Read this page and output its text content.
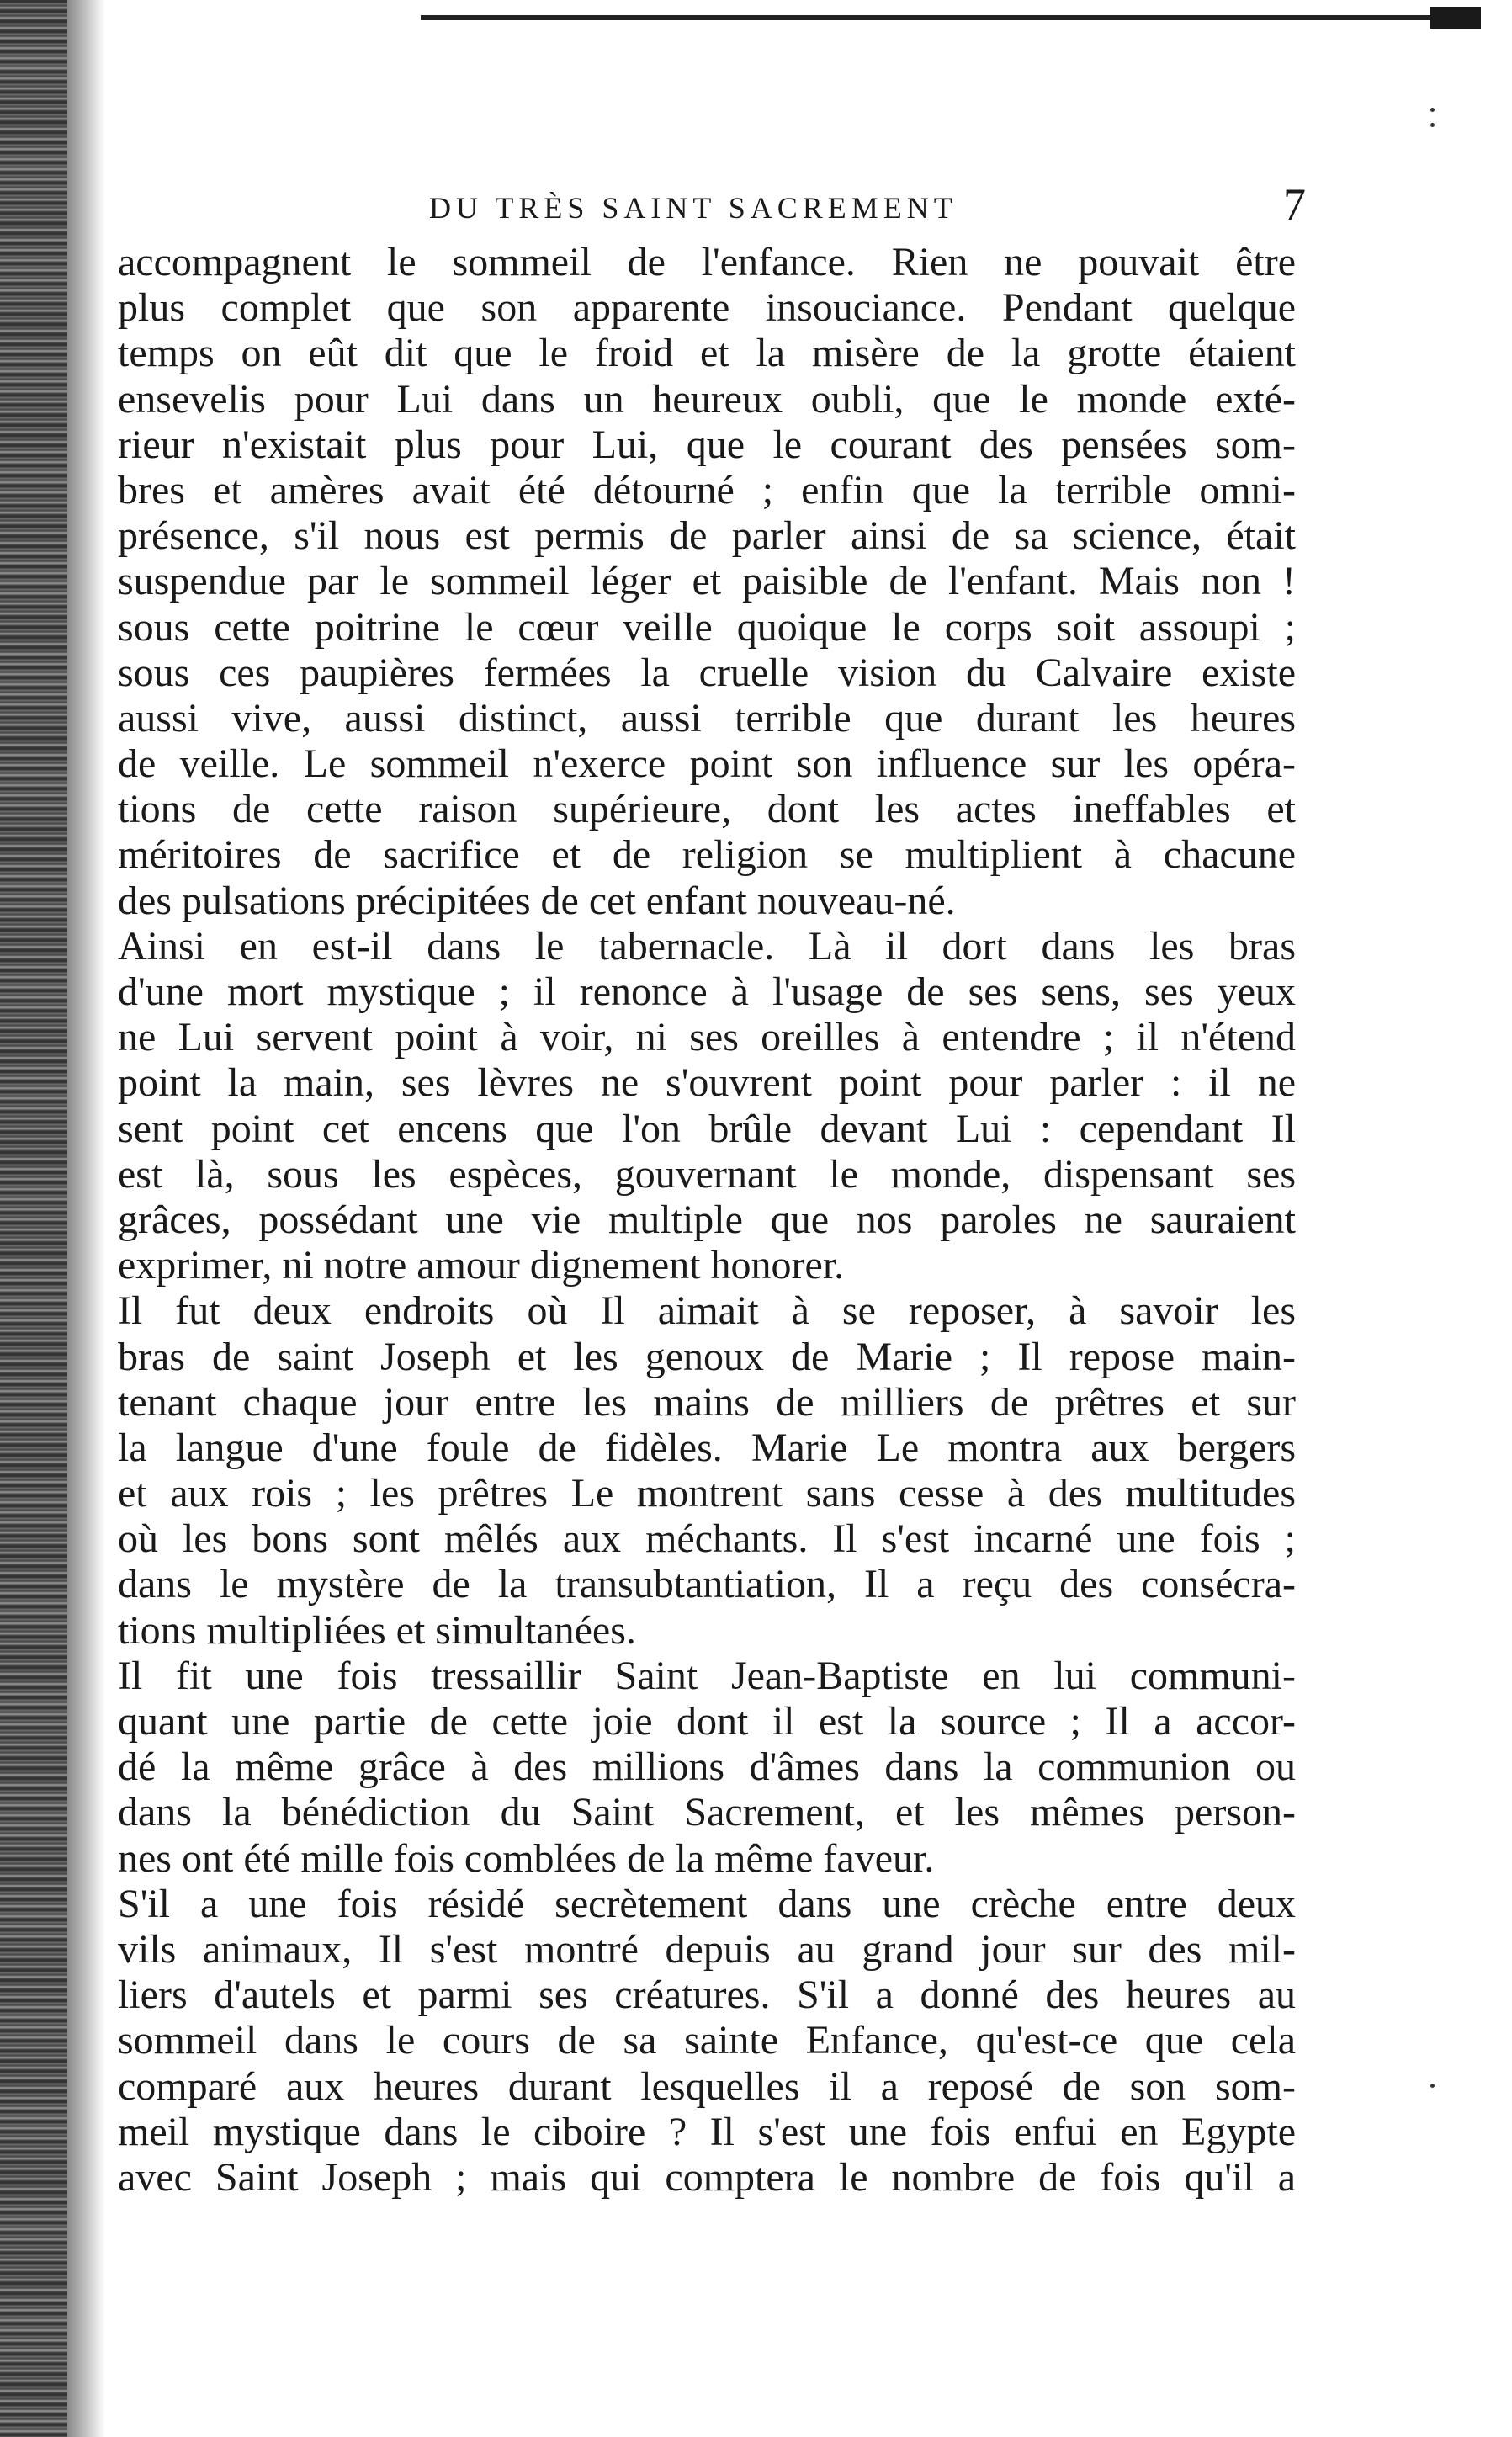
DU TRÈS SAINT SACREMENT	7
accompagnent le sommeil de l'enfance. Rien ne pouvait être
plus complet que son apparente insouciance. Pendant quelque
temps on eût dit que le froid et la misère de la grotte étaient
ensevelis pour Lui dans un heureux oubli, que le monde exté-
rieur n'existait plus pour Lui, que le courant des pensées som-
bres et amères avait été détourné ; enfin que la terrible omni-
présence, s'il nous est permis de parler ainsi de sa science, était
suspendue par le sommeil léger et paisible de l'enfant. Mais non !
sous cette poitrine le cœur veille quoique le corps soit assoupi ;
sous ces paupières fermées la cruelle vision du Calvaire existe
aussi vive, aussi distinct, aussi terrible que durant les heures
de veille. Le sommeil n'exerce point son influence sur les opéra-
tions de cette raison supérieure, dont les actes ineffables et
méritoires de sacrifice et de religion se multiplient à chacune
des pulsations précipitées de cet enfant nouveau-né.
Ainsi en est-il dans le tabernacle. Là il dort dans les bras
d'une mort mystique ; il renonce à l'usage de ses sens, ses yeux
ne Lui servent point à voir, ni ses oreilles à entendre ; il n'étend
point la main, ses lèvres ne s'ouvrent point pour parler : il ne
sent point cet encens que l'on brûle devant Lui : cependant Il
est là, sous les espèces, gouvernant le monde, dispensant ses
grâces, possédant une vie multiple que nos paroles ne sauraient
exprimer, ni notre amour dignement honorer.
Il fut deux endroits où Il aimait à se reposer, à savoir les
bras de saint Joseph et les genoux de Marie ; Il repose main-
tenant chaque jour entre les mains de milliers de prêtres et sur
la langue d'une foule de fidèles. Marie Le montra aux bergers
et aux rois ; les prêtres Le montrent sans cesse à des multitudes
où les bons sont mêlés aux méchants. Il s'est incarné une fois ;
dans le mystère de la transubtantiation, Il a reçu des consécra-
tions multipliées et simultanées.
Il fit une fois tressaillir Saint Jean-Baptiste en lui communi-
quant une partie de cette joie dont il est la source ; Il a accor-
dé la même grâce à des millions d'âmes dans la communion ou
dans la bénédiction du Saint Sacrement, et les mêmes person-
nes ont été mille fois comblées de la même faveur.
S'il a une fois résidé secrètement dans une crèche entre deux
vils animaux, Il s'est montré depuis au grand jour sur des mil-
liers d'autels et parmi ses créatures. S'il a donné des heures au
sommeil dans le cours de sa sainte Enfance, qu'est-ce que cela
comparé aux heures durant lesquelles il a reposé de son som-
meil mystique dans le ciboire ? Il s'est une fois enfui en Egypte
avec Saint Joseph ; mais qui comptera le nombre de fois qu'il a
